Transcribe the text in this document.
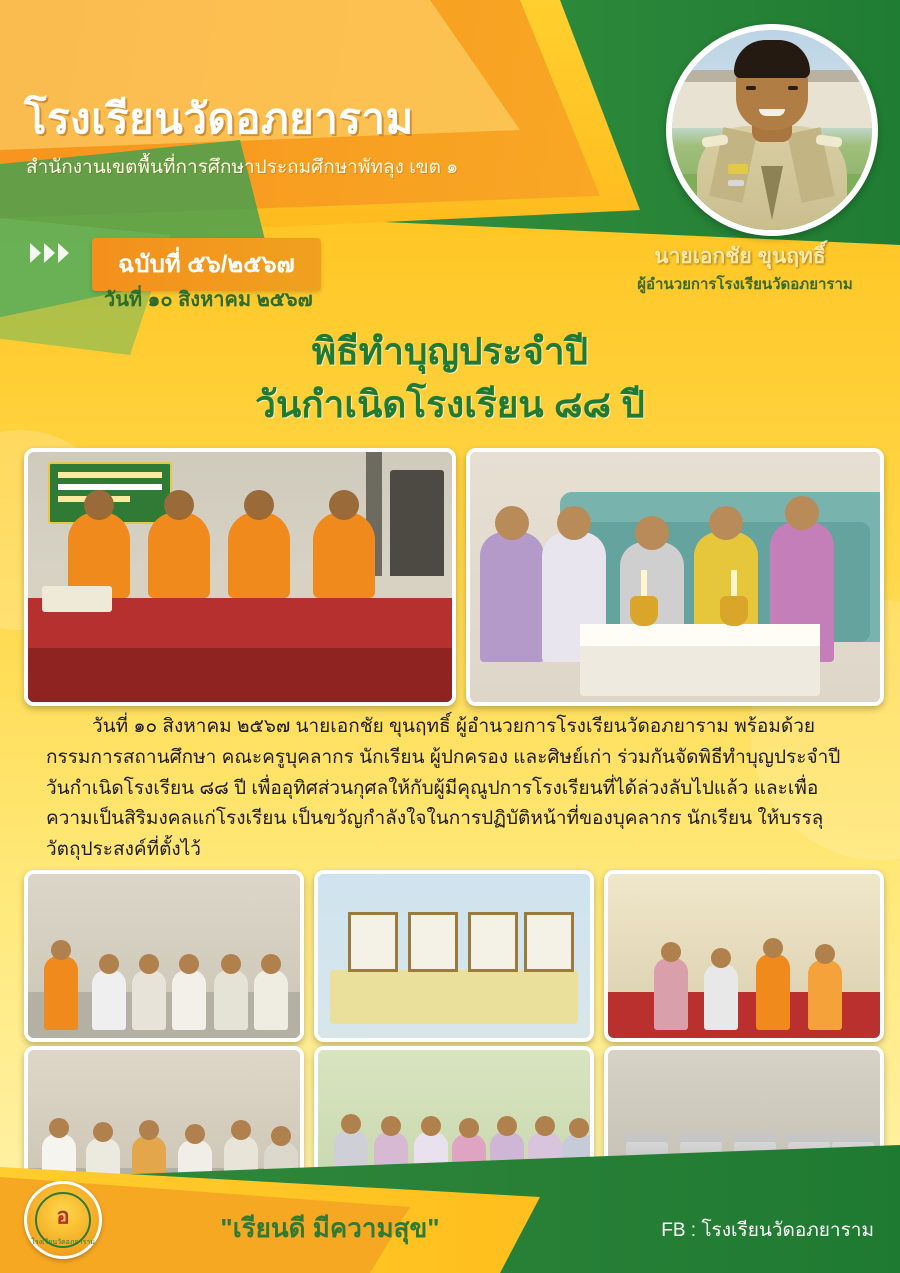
โรงเรียนวัดอภยาราม
สำนักงานเขตพื้นที่การศึกษาประถมศึกษาพัทลุง เขต ๑
ฉบับที่ ๕๖/๒๕๖๗
วันที่ ๑๐ สิงหาคม ๒๕๖๗
นายเอกชัย ขุนฤทธิ์
ผู้อำนวยการโรงเรียนวัดอภยาราม
พิธีทำบุญประจำปี
วันกำเนิดโรงเรียน ๘๘ ปี
วันที่ ๑๐ สิงหาคม ๒๕๖๗ นายเอกชัย ขุนฤทธิ์ ผู้อำนวยการโรงเรียนวัดอภยาราม พร้อมด้วยกรรมการสถานศึกษา คณะครูบุคลากร นักเรียน ผู้ปกครอง และศิษย์เก่า ร่วมกันจัดพิธีทำบุญประจำปีวันกำเนิดโรงเรียน ๘๘ ปี เพื่ออุทิศส่วนกุศลให้กับผู้มีคุณูปการโรงเรียนที่ได้ล่วงลับไปแล้ว และเพื่อความเป็นสิริมงคลแก่โรงเรียน เป็นขวัญกำลังใจในการปฏิบัติหน้าที่ของบุคลากร นักเรียน ให้บรรลุวัตถุประสงค์ที่ตั้งไว้
อ
โรงเรียนวัดอภยาราม	"เรียนดี มีความสุข"	FB : โรงเรียนวัดอภยาราม
